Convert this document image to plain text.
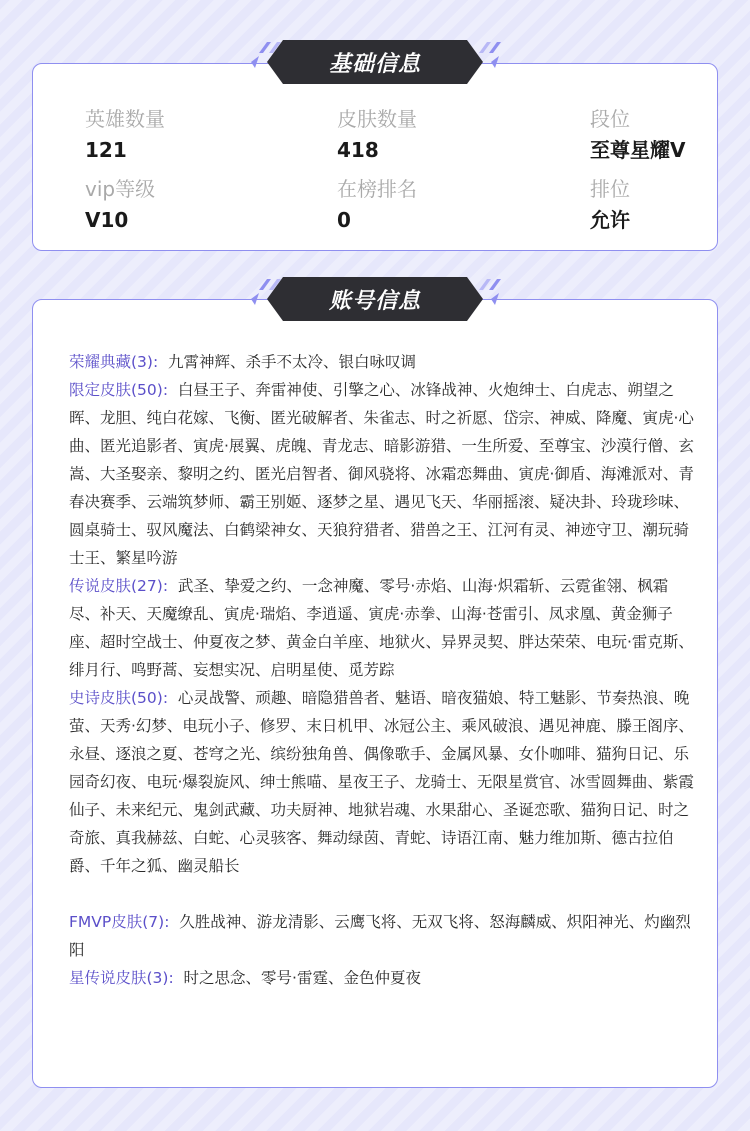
英雄数量
121
皮肤数量
418
段位
至尊星耀V
vip等级
V10
在榜排名
0
排位
允许
基础信息

荣耀典藏(3): 九霄神辉、杀手不太冷、银白咏叹调

限定皮肤(50): 白昼王子、奔雷神使、引擎之心、冰锋战神、火炮绅士、白虎志、朔望之晖、龙胆、纯白花嫁、飞衡、匿光破解者、朱雀志、时之祈愿、岱宗、神威、降魔、寅虎·心曲、匿光追影者、寅虎·展翼、虎魄、青龙志、暗影游猎、一生所爱、至尊宝、沙漠行僧、玄嵩、大圣娶亲、黎明之约、匿光启智者、御风骁将、冰霜恋舞曲、寅虎·御盾、海滩派对、青春决赛季、云端筑梦师、霸王别姬、逐梦之星、遇见飞天、华丽摇滚、疑决卦、玲珑珍味、圆桌骑士、驭风魔法、白鹤梁神女、天狼狩猎者、猎兽之王、江河有灵、神迹守卫、潮玩骑士王、繁星吟游

传说皮肤(27): 武圣、挚爱之约、一念神魔、零号·赤焰、山海·炽霜斩、云霓雀翎、枫霜尽、补天、天魔缭乱、寅虎·瑞焰、李逍遥、寅虎·赤拳、山海·苍雷引、凤求凰、黄金狮子座、超时空战士、仲夏夜之梦、黄金白羊座、地狱火、异界灵契、胖达荣荣、电玩·雷克斯、绯月行、鸣野蒿、妄想实况、启明星使、觅芳踪

史诗皮肤(50): 心灵战警、顽趣、暗隐猎兽者、魅语、暗夜猫娘、特工魅影、节奏热浪、晚萤、天秀·幻梦、电玩小子、修罗、末日机甲、冰冠公主、乘风破浪、遇见神鹿、滕王阁序、永昼、逐浪之夏、苍穹之光、缤纷独角兽、偶像歌手、金属风暴、女仆咖啡、猫狗日记、乐园奇幻夜、电玩·爆裂旋风、绅士熊喵、星夜王子、龙骑士、无限星赏官、冰雪圆舞曲、紫霞仙子、未来纪元、鬼剑武藏、功夫厨神、地狱岩魂、水果甜心、圣诞恋歌、猫狗日记、时之奇旅、真我赫兹、白蛇、心灵骇客、舞动绿茵、青蛇、诗语江南、魅力维加斯、德古拉伯爵、千年之狐、幽灵船长

FMVP皮肤(7): 久胜战神、游龙清影、云鹰飞将、无双飞将、怒海麟威、炽阳神光、灼幽烈阳

星传说皮肤(3): 时之思念、零号·雷霆、金色仲夏夜

账号信息
